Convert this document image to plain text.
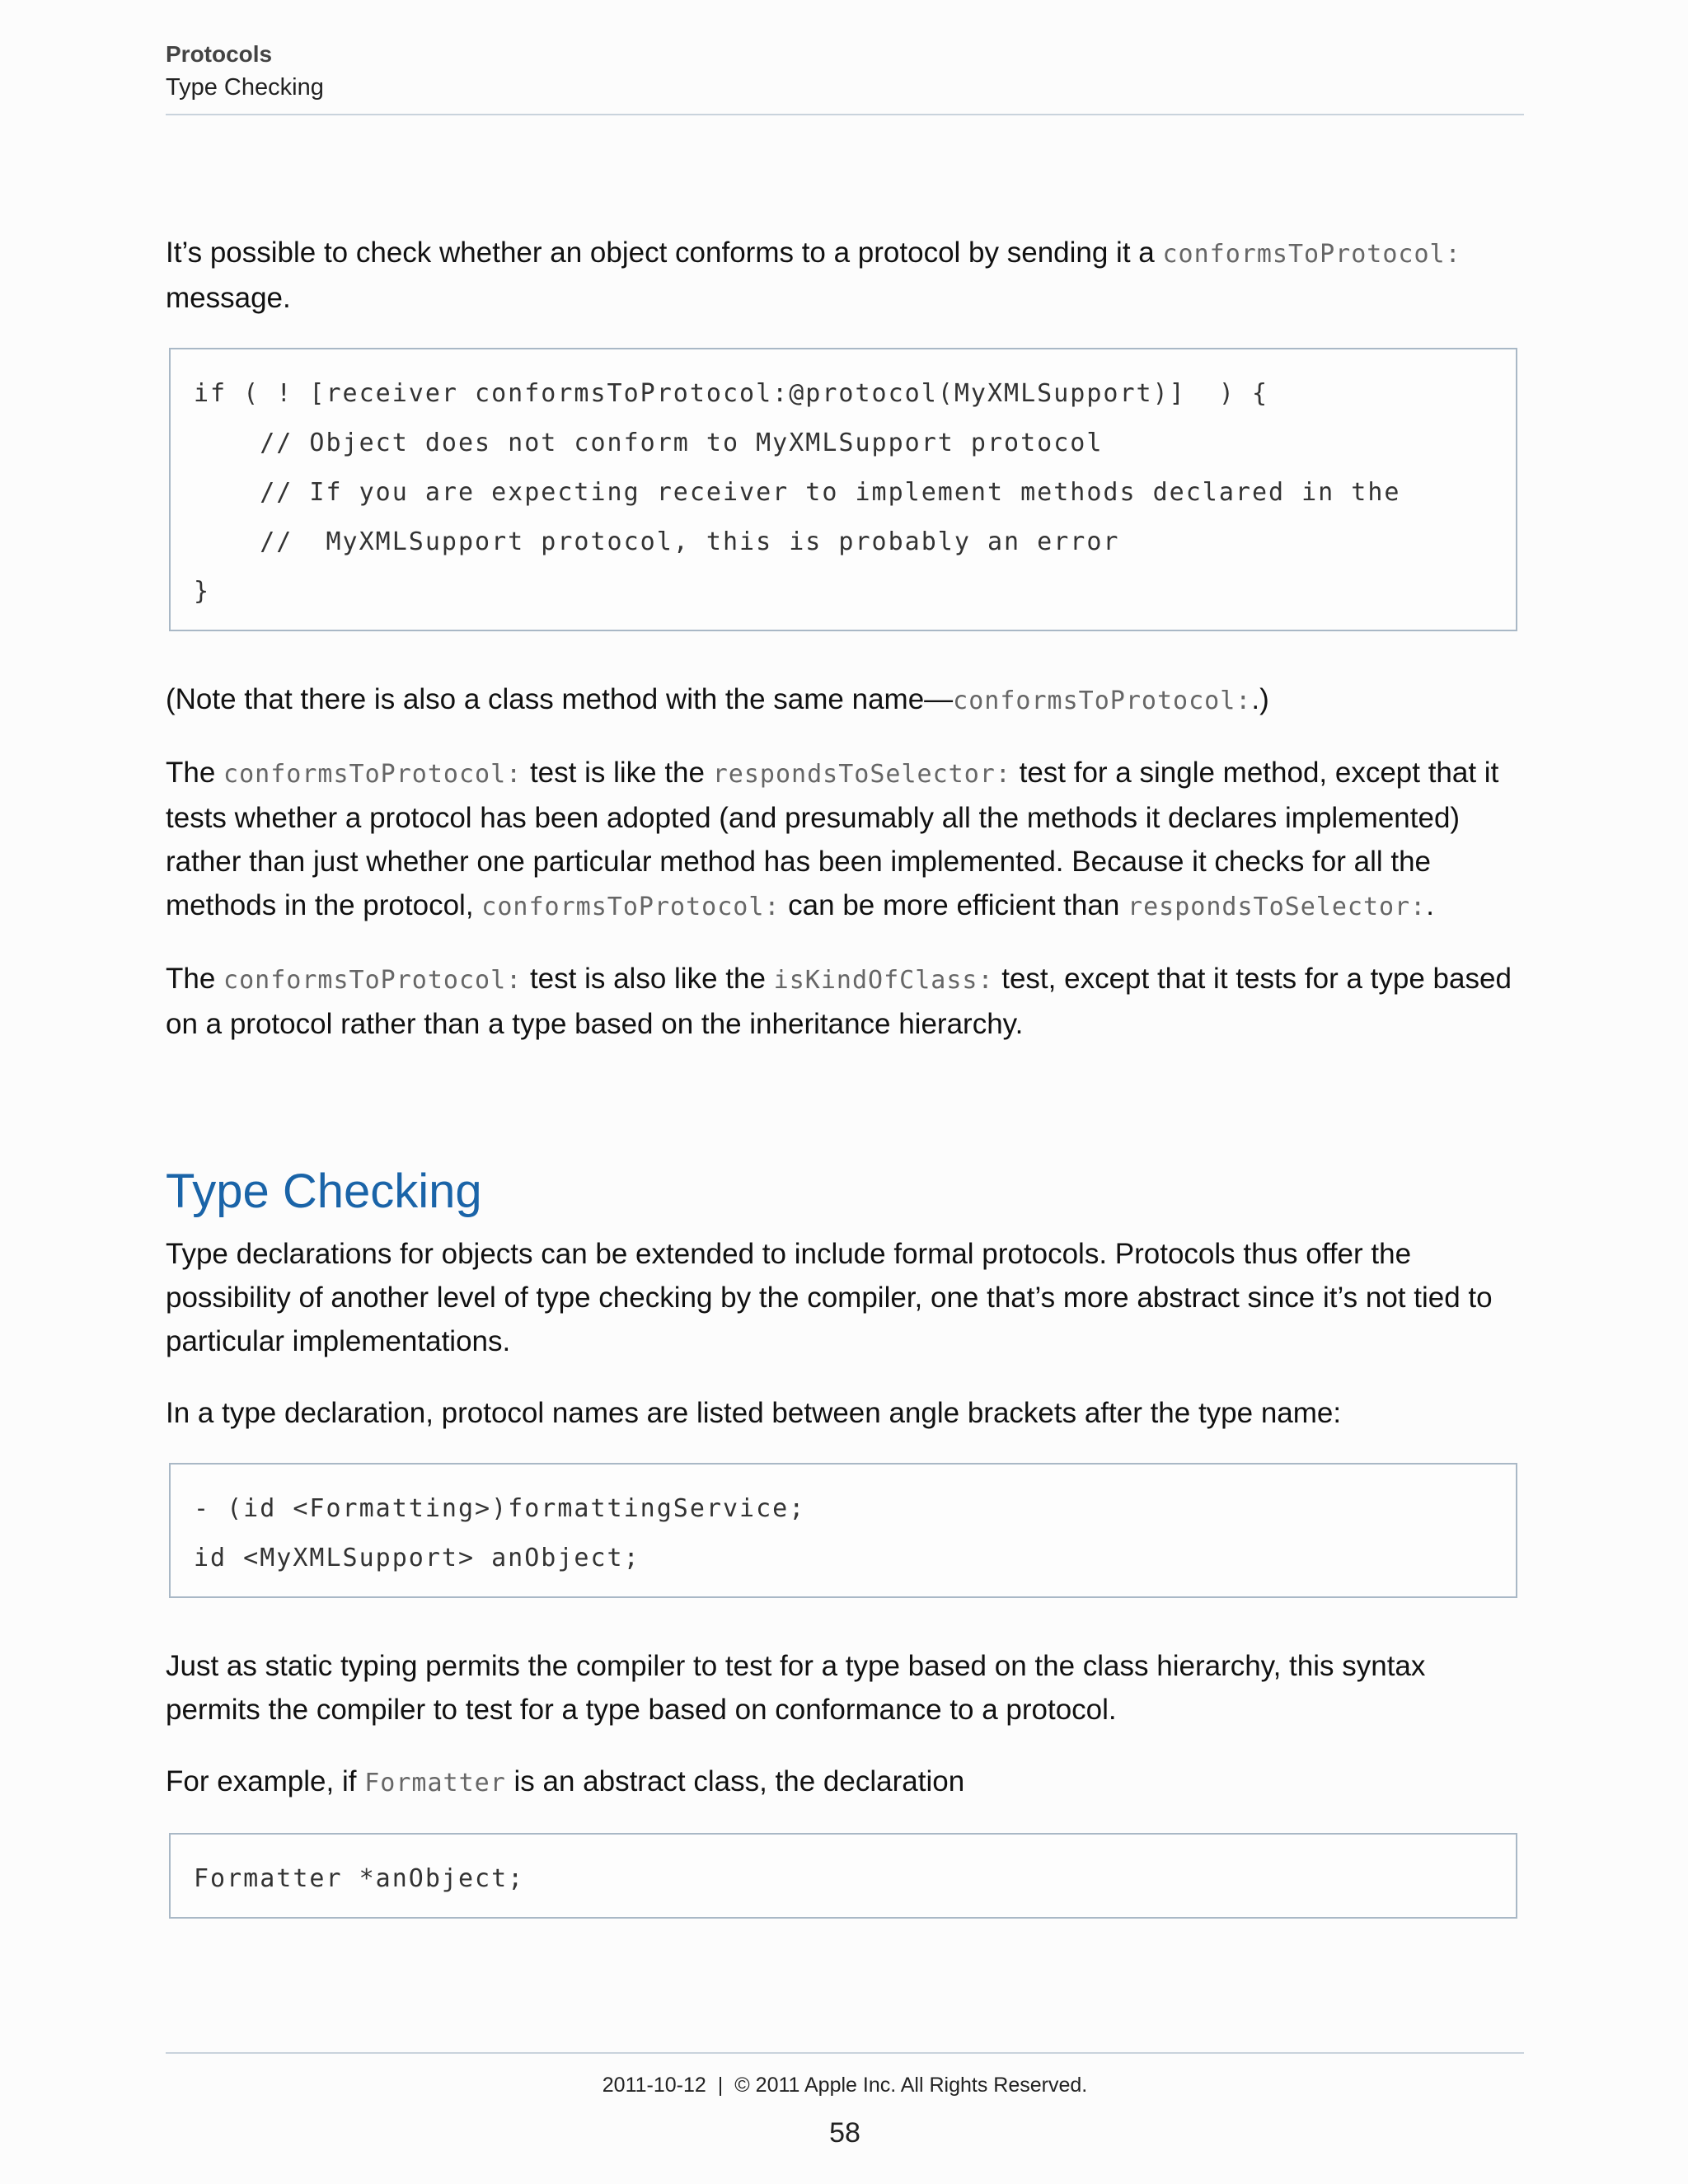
Protocols
Type Checking

It’s possible to check whether an object conforms to a protocol by sending it a conformsToProtocol: message.

if ( ! [receiver conformsToProtocol:@protocol(MyXMLSupport)]  ) {
// Object does not conform to MyXMLSupport protocol
// If you are expecting receiver to implement methods declared in the
//  MyXMLSupport protocol, this is probably an error
}

(Note that there is also a class method with the same name—conformsToProtocol:.)

The conformsToProtocol: test is like the respondsToSelector: test for a single method, except that it tests whether a protocol has been adopted (and presumably all the methods it declares implemented) rather than just whether one particular method has been implemented. Because it checks for all the methods in the protocol, conformsToProtocol: can be more efficient than respondsToSelector:.

The conformsToProtocol: test is also like the isKindOfClass: test, except that it tests for a type based on a protocol rather than a type based on the inheritance hierarchy.

Type Checking

Type declarations for objects can be extended to include formal protocols. Protocols thus offer the possibility of another level of type checking by the compiler, one that’s more abstract since it’s not tied to particular implementations.

In a type declaration, protocol names are listed between angle brackets after the type name:

- (id <Formatting>)formattingService;
id <MyXMLSupport> anObject;

Just as static typing permits the compiler to test for a type based on the class hierarchy, this syntax permits the compiler to test for a type based on conformance to a protocol.

For example, if Formatter is an abstract class, the declaration

Formatter *anObject;
2011-10-12 | © 2011 Apple Inc. All Rights Reserved.
58
